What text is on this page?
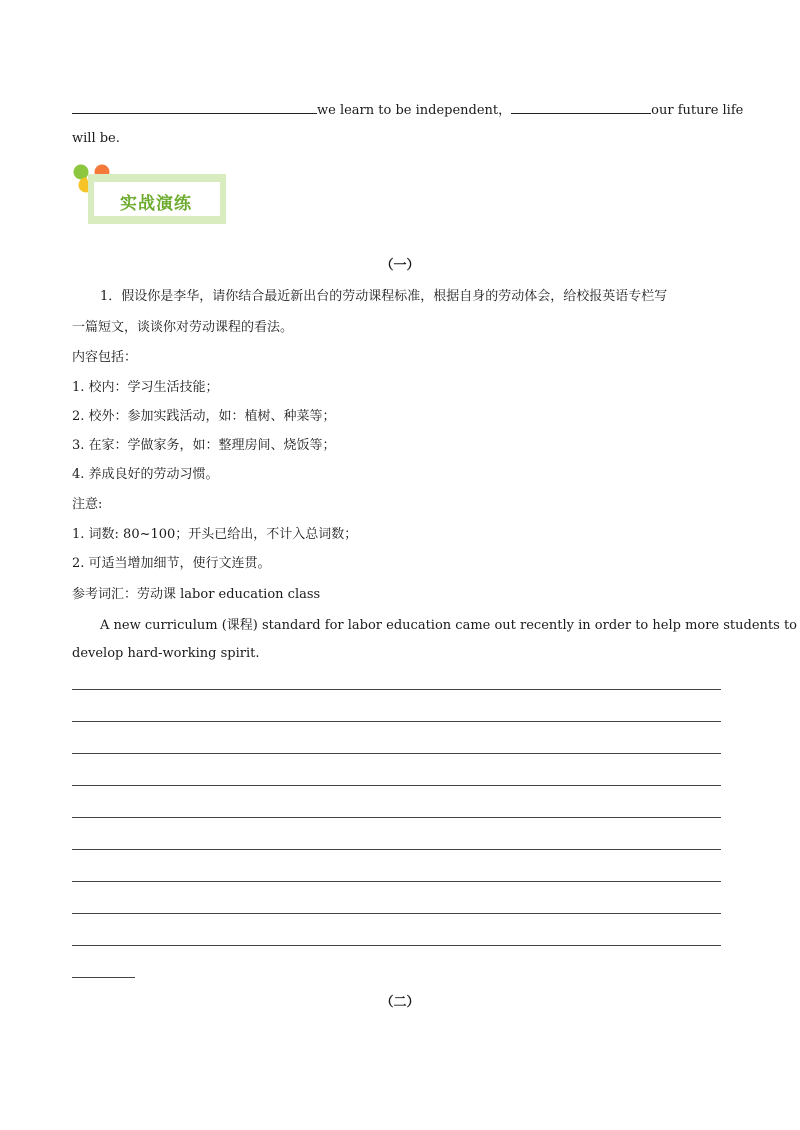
we learn to be independent，	our future life
will be.
实战演练
（一）
1．假设你是李华，请你结合最近新出台的劳动课程标准，根据自身的劳动体会，给校报英语专栏写
一篇短文，谈谈你对劳动课程的看法。
内容包括：
1. 校内：学习生活技能；
2. 校外：参加实践活动，如：植树、种菜等；
3. 在家：学做家务，如：整理房间、烧饭等；
4. 养成良好的劳动习惯。
注意:
1. 词数: 80~100；开头已给出，不计入总词数；
2. 可适当增加细节，使行文连贯。
参考词汇：劳动课 labor education class
A new curriculum (课程) standard for labor education came out recently in order to help more students to
develop hard-working spirit.
（二）
